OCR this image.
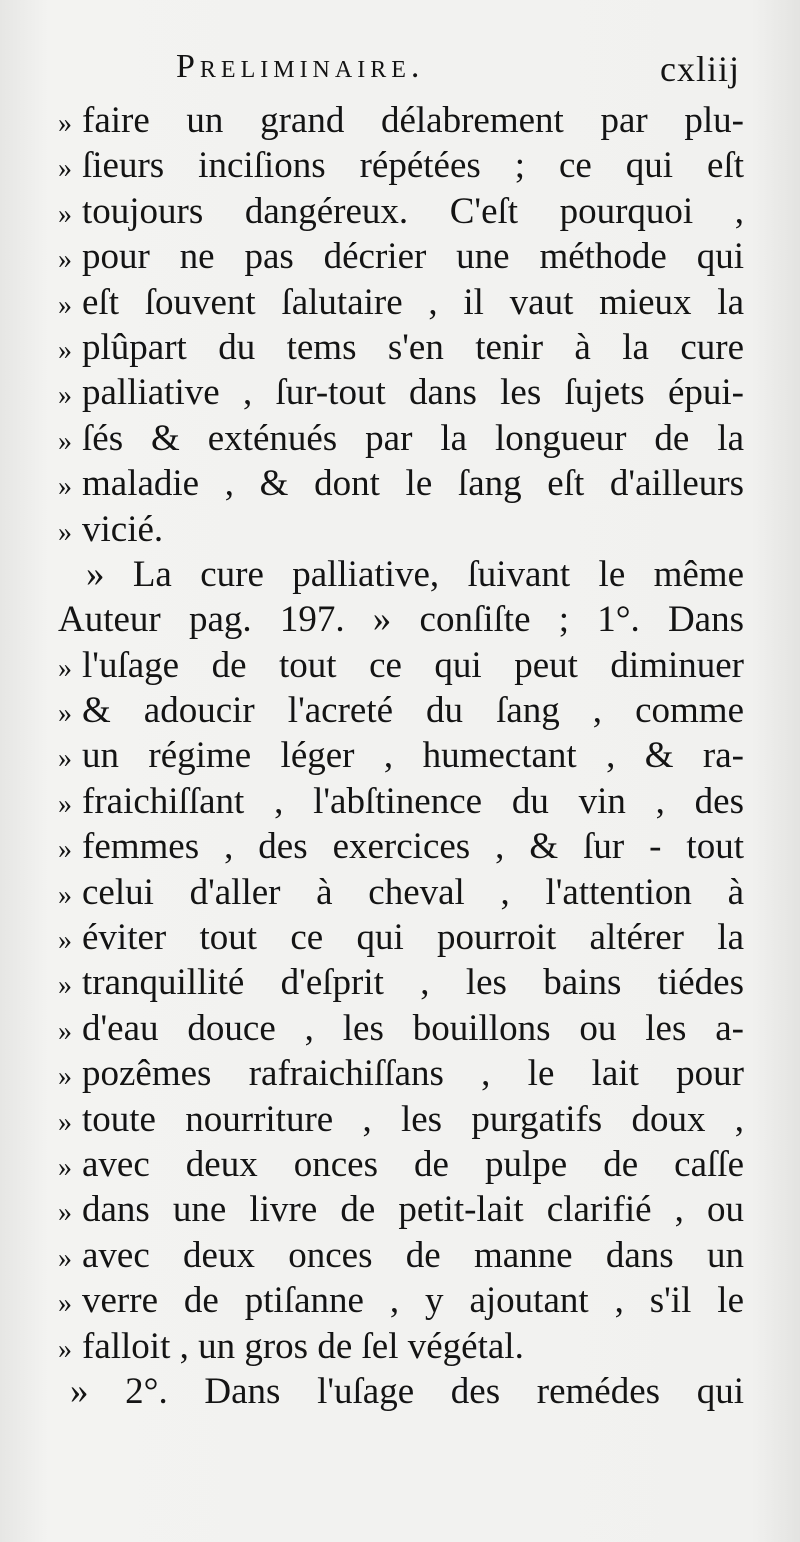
Preliminaire.	cxliij
» faire un grand délabrement par plu-
» ſieurs inciſions répétées ; ce qui eſt
» toujours dangéreux. C'eſt pourquoi ,
» pour ne pas décrier une méthode qui
» eſt ſouvent ſalutaire , il vaut mieux la
» plûpart du tems s'en tenir à la cure
» palliative , ſur-tout dans les ſujets épui-
» ſés & exténués par la longueur de la
» maladie , & dont le ſang eſt d'ailleurs
» vicié.
» La cure palliative, ſuivant le même
Auteur pag. 197. » conſiſte ; 1°. Dans
» l'uſage de tout ce qui peut diminuer
» & adoucir l'acreté du ſang , comme
» un régime léger , humectant , & ra-
» fraichiſſant , l'abſtinence du vin , des
» femmes , des exercices , & ſur - tout
» celui d'aller à cheval , l'attention à
» éviter tout ce qui pourroit altérer la
» tranquillité d'eſprit , les bains tiédes
» d'eau douce , les bouillons ou les a-
» pozêmes rafraichiſſans , le lait pour
» toute nourriture , les purgatifs doux ,
» avec deux onces de pulpe de caſſe
» dans une livre de petit-lait clarifié , ou
» avec deux onces de manne dans un
» verre de ptiſanne , y ajoutant , s'il le
» falloit , un gros de ſel végétal.
» 2°. Dans l'uſage des remédes qui
